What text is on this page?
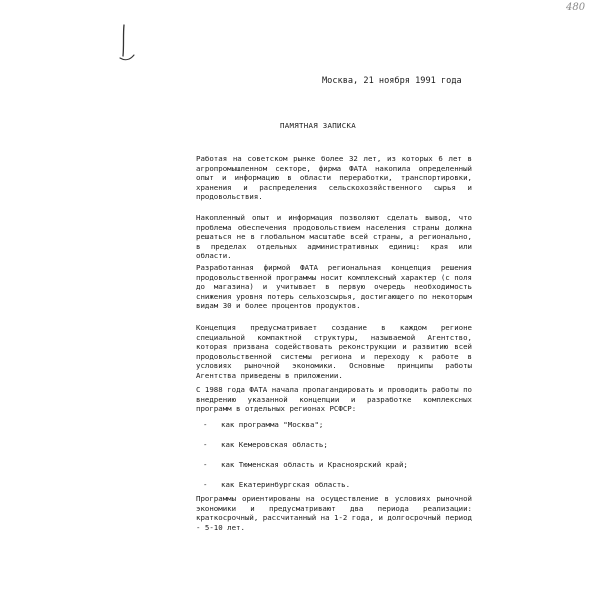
480
Москва, 21 ноября 1991 года
ПАМЯТНАЯ ЗАПИСКА
Работая на советском рынке более 32 лет, из которых 6 лет в агропромышленном секторе, фирма ФАТА накопила определенный опыт и информацию в области переработки, транспортировки, хранения и распределения сельскохозяйственного сырья и продовольствия.
Накопленный опыт и информация позволяют сделать вывод, что проблема обеспечения продовольствием населения страны должна решаться не в глобальном масштабе всей страны, а регионально, в пределах отдельных административных единиц: края или области.
Разработанная фирмой ФАТА региональная концепция решения продовольственной программы носит комплексный характер (с поля до магазина) и учитывает в первую очередь необходимость снижения уровня потерь сельхозсырья, достигающего по некоторым видам 30 и более процентов продуктов.
Концепция предусматривает создание в каждом регионе специальной компактной структуры, называемой Агентство, которая призвана содействовать реконструкции и развитию всей продовольственной системы региона и переходу к работе в условиях рыночной экономики. Основные принципы работы Агентства приведены в приложении.
С 1988 года ФАТА начала пропагандировать и проводить работы по внедрению указанной концепции и разработке комплексных программ в отдельных регионах РСФСР:
- как программа "Москва";
- как Кемеровская область;
- как Тюменская область и Красноярский край;
- как Екатеринбургская область.
Программы ориентированы на осуществление в условиях рыночной экономики и предусматривают два периода реализации: краткосрочный, рассчитанный на 1-2 года, и долгосрочный период - 5-10 лет.
